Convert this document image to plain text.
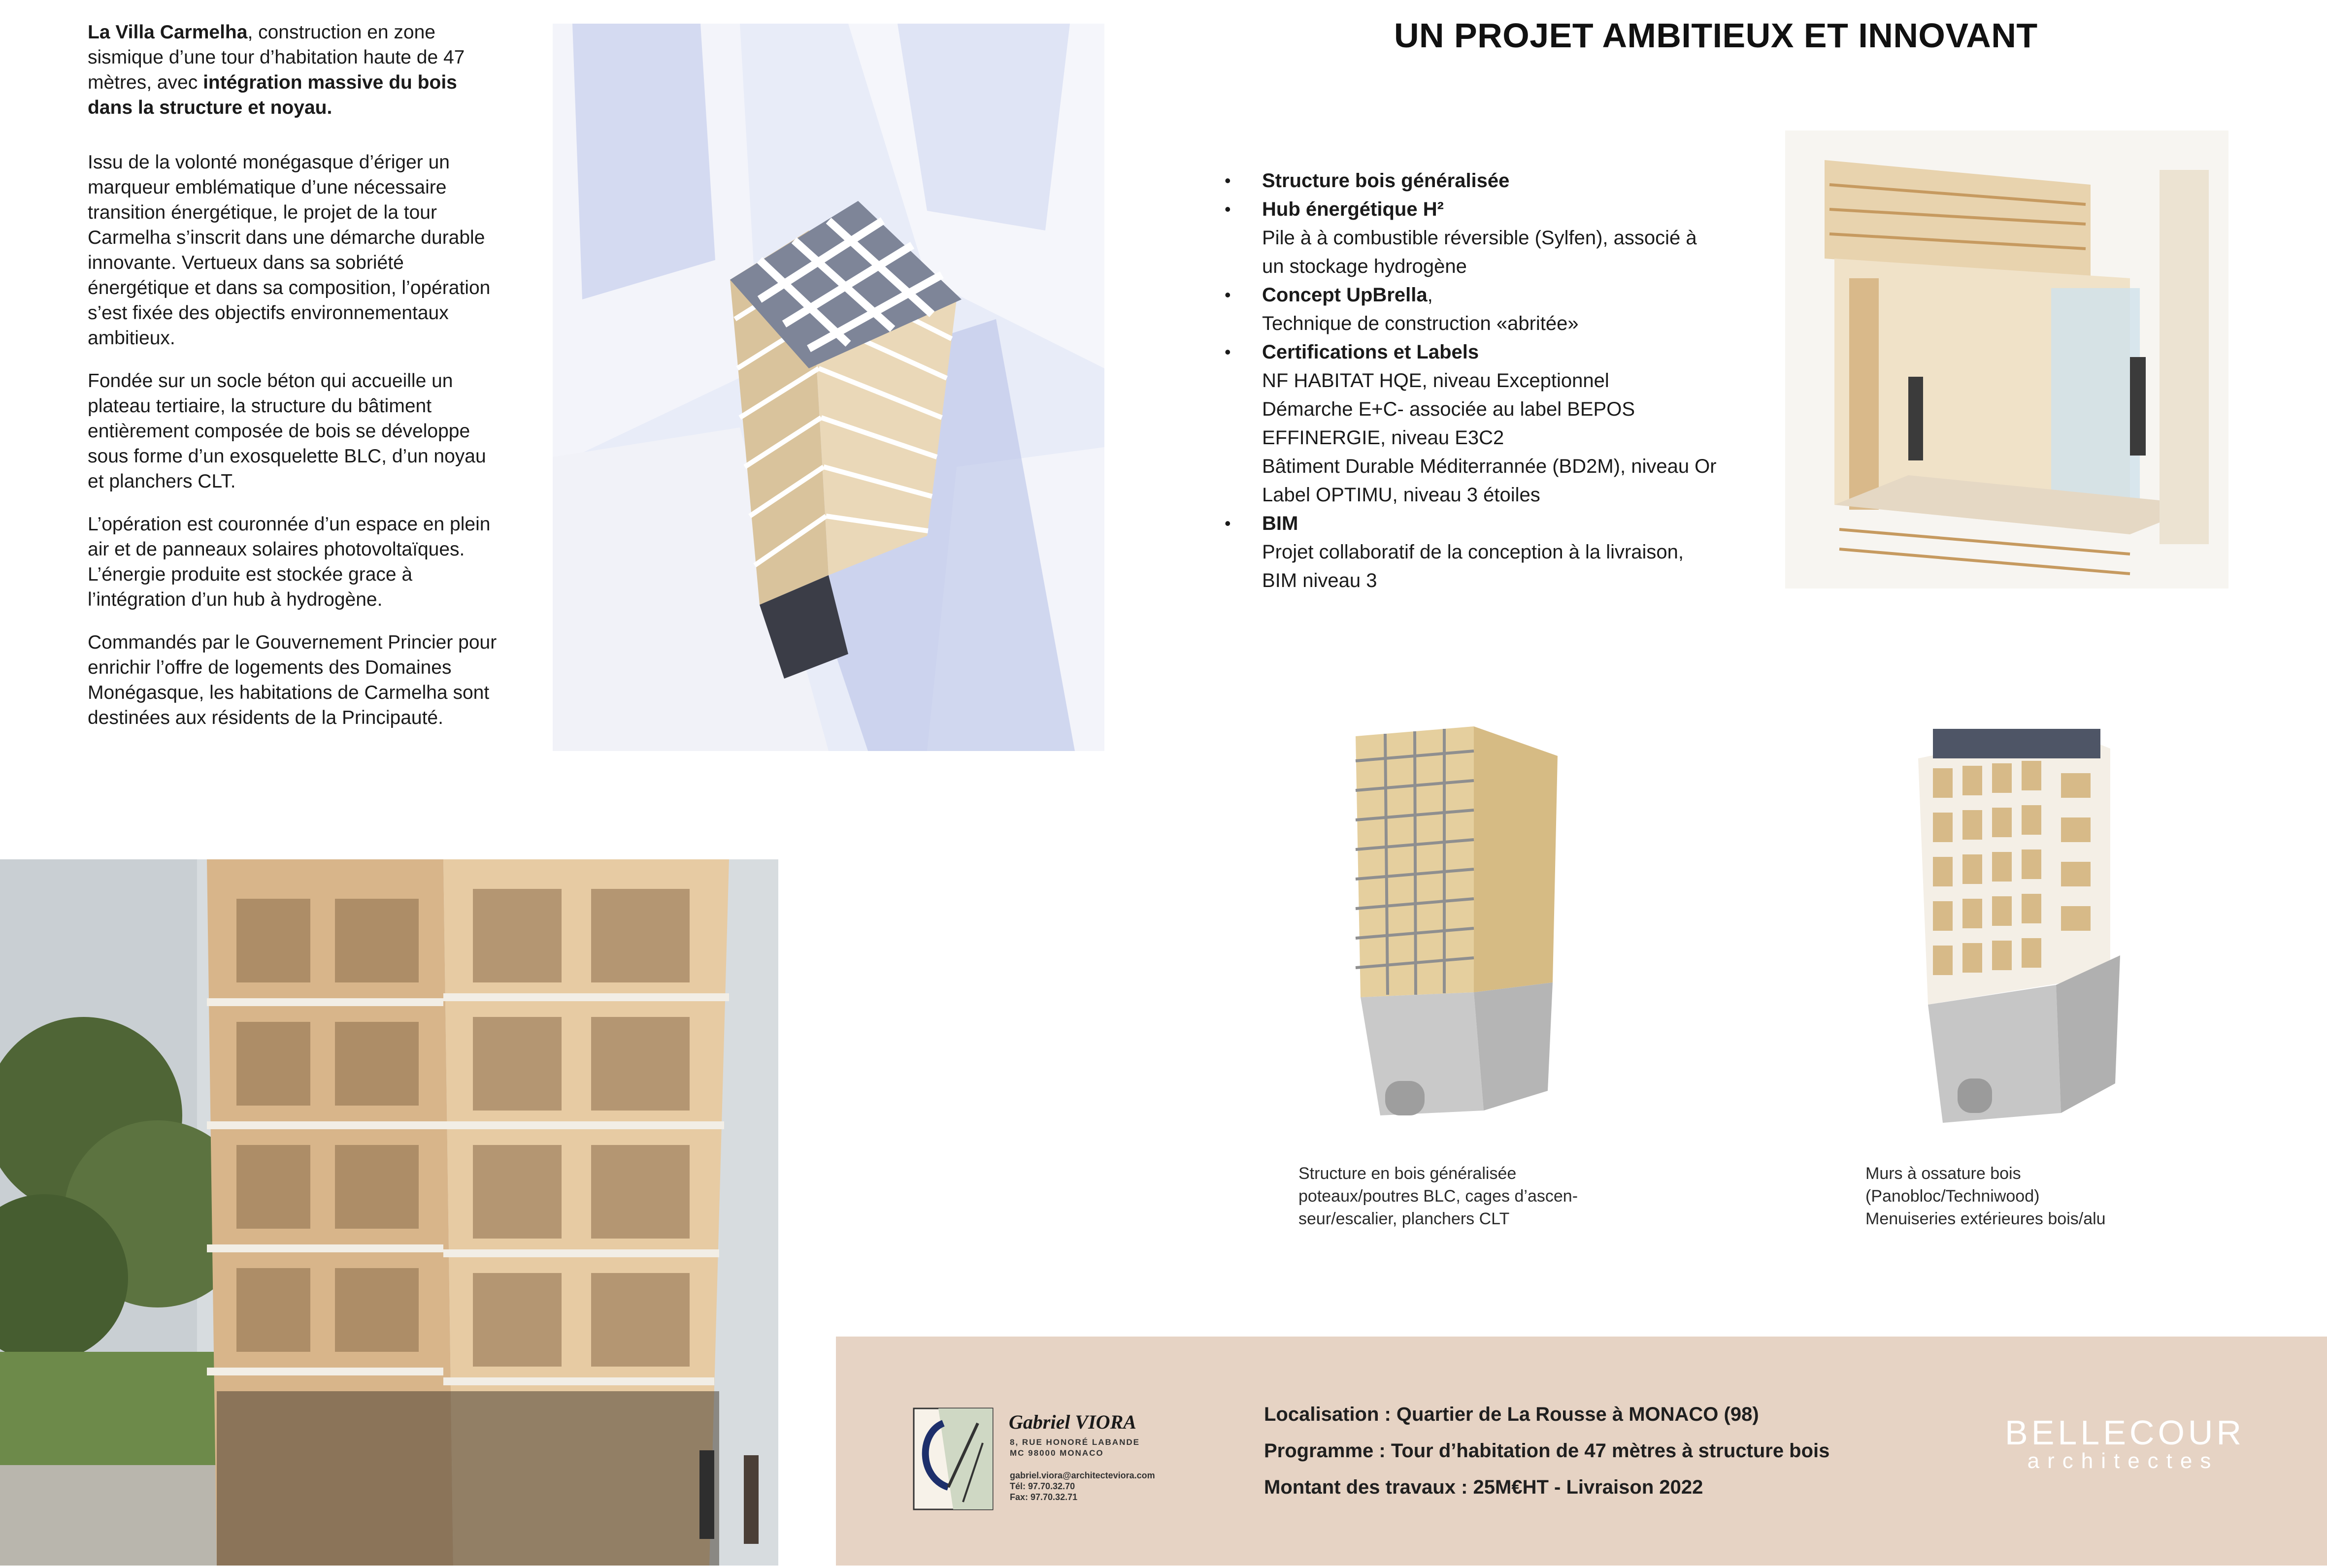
La Villa Carmelha, construction en zone sismique d’une tour d’habitation haute de 47 mètres, avec intégration massive du bois dans la structure et noyau.

Issu de la volonté monégasque d’ériger un marqueur emblématique d’une nécessaire transition énergétique, le projet de la tour Carmelha s’inscrit dans une démarche durable innovante. Vertueux dans sa sobriété énergétique et dans sa composition, l’opération s’est fixée des objectifs environnementaux ambitieux.

Fondée sur un socle béton qui accueille un plateau tertiaire, la structure du bâtiment entièrement composée de bois se développe sous forme d’un exosquelette BLC, d’un noyau et planchers CLT.

L’opération est couronnée d’un espace en plein air et de panneaux solaires photovoltaïques. L’énergie produite est stockée grace à l’intégration d’un hub à hydrogène.

Commandés par le Gouvernement Princier pour enrichir l’offre de logements des Domaines Monégasque, les habitations de Carmelha sont destinées aux résidents de la Principauté.

UN PROJET AMBITIEUX ET INNOVANT
• Structure bois généralisée
• Hub énergétique H²
Pile à à combustible réversible (Sylfen), associé à
un stockage hydrogène
• Concept UpBrella,
Technique de construction «abritée»
• Certifications et Labels
NF HABITAT HQE, niveau Exceptionnel
Démarche E+C- associée au label BEPOS
EFFINERGIE, niveau E3C2
Bâtiment Durable Méditerrannée (BD2M), niveau Or
Label OPTIMU, niveau 3 étoiles
• BIM
Projet collaboratif de la conception à la livraison,
BIM niveau 3
Structure en bois généralisée
poteaux/poutres BLC, cages d’ascen-
seur/escalier, planchers CLT
Murs à ossature bois
(Panobloc/Techniwood)
Menuiseries extérieures bois/alu
Gabriel VIORA
8, RUE HONORÉ LABANDE
MC 98000 MONACO
gabriel.viora@architecteviora.com
Tél: 97.70.32.70
Fax: 97.70.32.71
Localisation : Quartier de La Rousse à MONACO (98)
Programme : Tour d’habitation de 47 mètres à structure bois
Montant des travaux : 25M€HT - Livraison 2022
BELLECOUR
architectes
